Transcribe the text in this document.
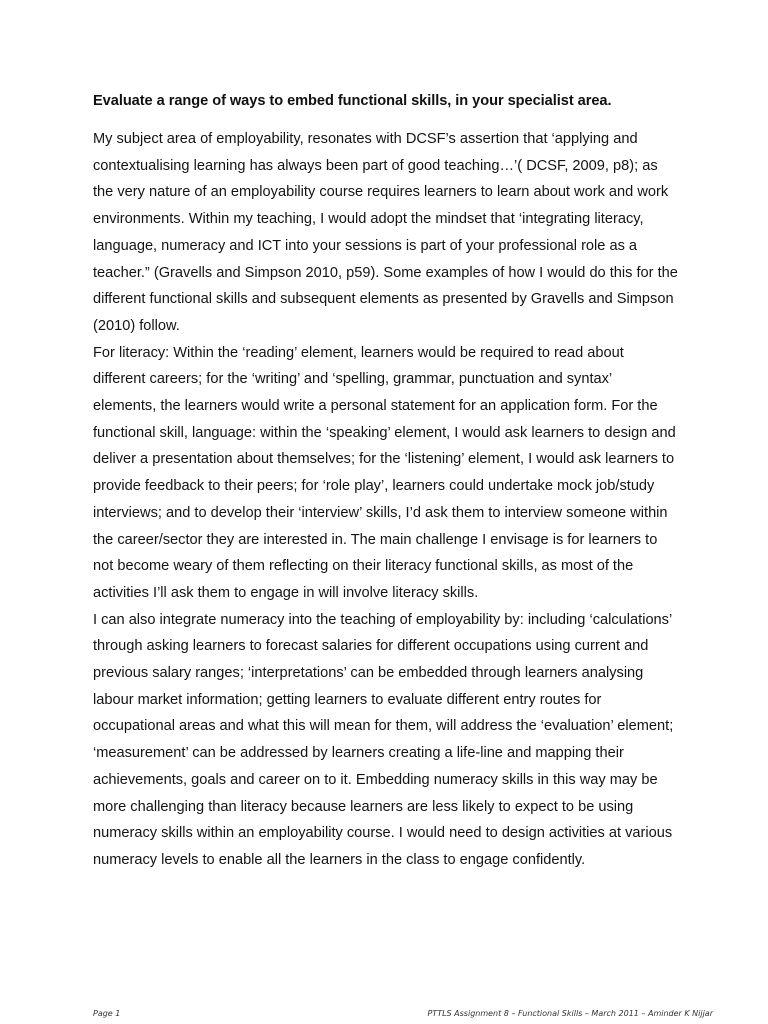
Evaluate a range of ways to embed functional skills, in your specialist area.

My subject area of employability, resonates with DCSF’s assertion that ‘applying and contextualising learning has always been part of good teaching…’( DCSF, 2009, p8); as the very nature of an employability course requires learners to learn about work and work environments. Within my teaching, I would adopt the mindset that ‘integrating literacy, language, numeracy and ICT into your sessions is part of your professional role as a teacher.” (Gravells and Simpson 2010, p59). Some examples of how I would do this for the different functional skills and subsequent elements as presented by Gravells and Simpson (2010) follow.

For literacy: Within the ‘reading’ element, learners would be required to read about different careers; for the ‘writing’ and ‘spelling, grammar, punctuation and syntax’ elements, the learners would write a personal statement for an application form. For the functional skill, language: within the ‘speaking’ element, I would ask learners to design and deliver a presentation about themselves; for the ‘listening’ element, I would ask learners to provide feedback to their peers; for ‘role play’, learners could undertake mock job/study interviews; and to develop their ‘interview’ skills, I’d ask them to interview someone within the career/sector they are interested in. The main challenge I envisage is for learners to not become weary of them reflecting on their literacy functional skills, as most of the activities I’ll ask them to engage in will involve literacy skills.

I can also integrate numeracy into the teaching of employability by: including ‘calculations’ through asking learners to forecast salaries for different occupations using current and previous salary ranges; ‘interpretations’ can be embedded through learners analysing labour market information; getting learners to evaluate different entry routes for occupational areas and what this will mean for them, will address the ‘evaluation’ element; ‘measurement’ can be addressed by learners creating a life-line and mapping their achievements, goals and career on to it. Embedding numeracy skills in this way may be more challenging than literacy because learners are less likely to expect to be using numeracy skills within an employability course. I would need to design activities at various numeracy levels to enable all the learners in the class to engage confidently.

Page 1	PTTLS Assignment 8 – Functional Skills – March 2011 – Aminder K Nijjar
